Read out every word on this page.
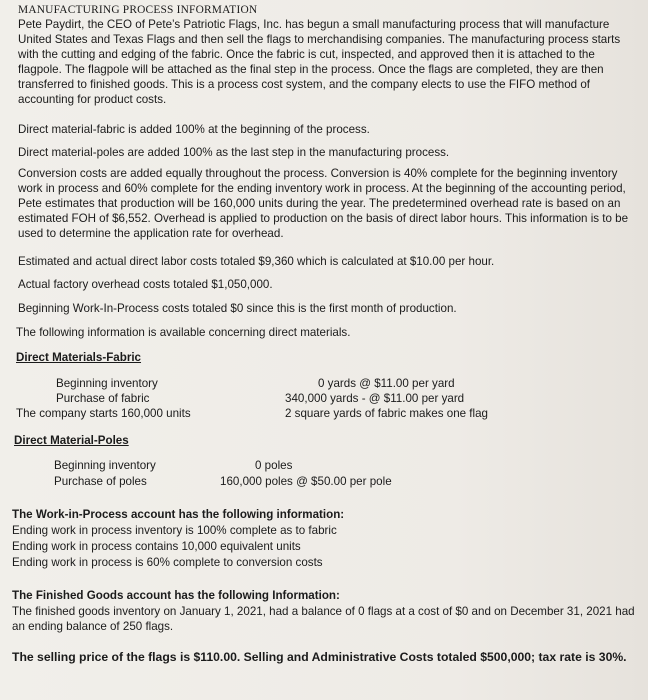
MANUFACTURING PROCESS INFORMATION

Pete Paydirt, the CEO of Pete’s Patriotic Flags, Inc. has begun a small manufacturing process that will manufacture United States and Texas Flags and then sell the flags to merchandising companies. The manufacturing process starts with the cutting and edging of the fabric. Once the fabric is cut, inspected, and approved then it is attached to the flagpole. The flagpole will be attached as the final step in the process. Once the flags are completed, they are then transferred to finished goods. This is a process cost system, and the company elects to use the FIFO method of accounting for product costs.

Direct material-fabric is added 100% at the beginning of the process.

Direct material-poles are added 100% as the last step in the manufacturing process.

Conversion costs are added equally throughout the process. Conversion is 40% complete for the beginning inventory work in process and 60% complete for the ending inventory work in process. At the beginning of the accounting period, Pete estimates that production will be 160,000 units during the year. The predetermined overhead rate is based on an estimated FOH of $6,552. Overhead is applied to production on the basis of direct labor hours. This information is to be used to determine the application rate for overhead.

Estimated and actual direct labor costs totaled $9,360 which is calculated at $10.00 per hour.

Actual factory overhead costs totaled $1,050,000.

Beginning Work-In-Process costs totaled $0 since this is the first month of production.

The following information is available concerning direct materials.

Direct Materials-Fabric

Beginning inventory	0 yards @ $11.00 per yard

Purchase of fabric	340,000 yards - @ $11.00 per yard

The company starts 160,000 units	2 square yards of fabric makes one flag

Direct Material-Poles

Beginning inventory	0 poles

Purchase of poles	160,000 poles @ $50.00 per pole

The Work-in-Process account has the following information:

Ending work in process inventory is 100% complete as to fabric

Ending work in process contains 10,000 equivalent units

Ending work in process is 60% complete to conversion costs

The Finished Goods account has the following Information:

The finished goods inventory on January 1, 2021, had a balance of 0 flags at a cost of $0 and on December 31, 2021 had an ending balance of 250 flags.

The selling price of the flags is $110.00. Selling and Administrative Costs totaled $500,000; tax rate is 30%.
